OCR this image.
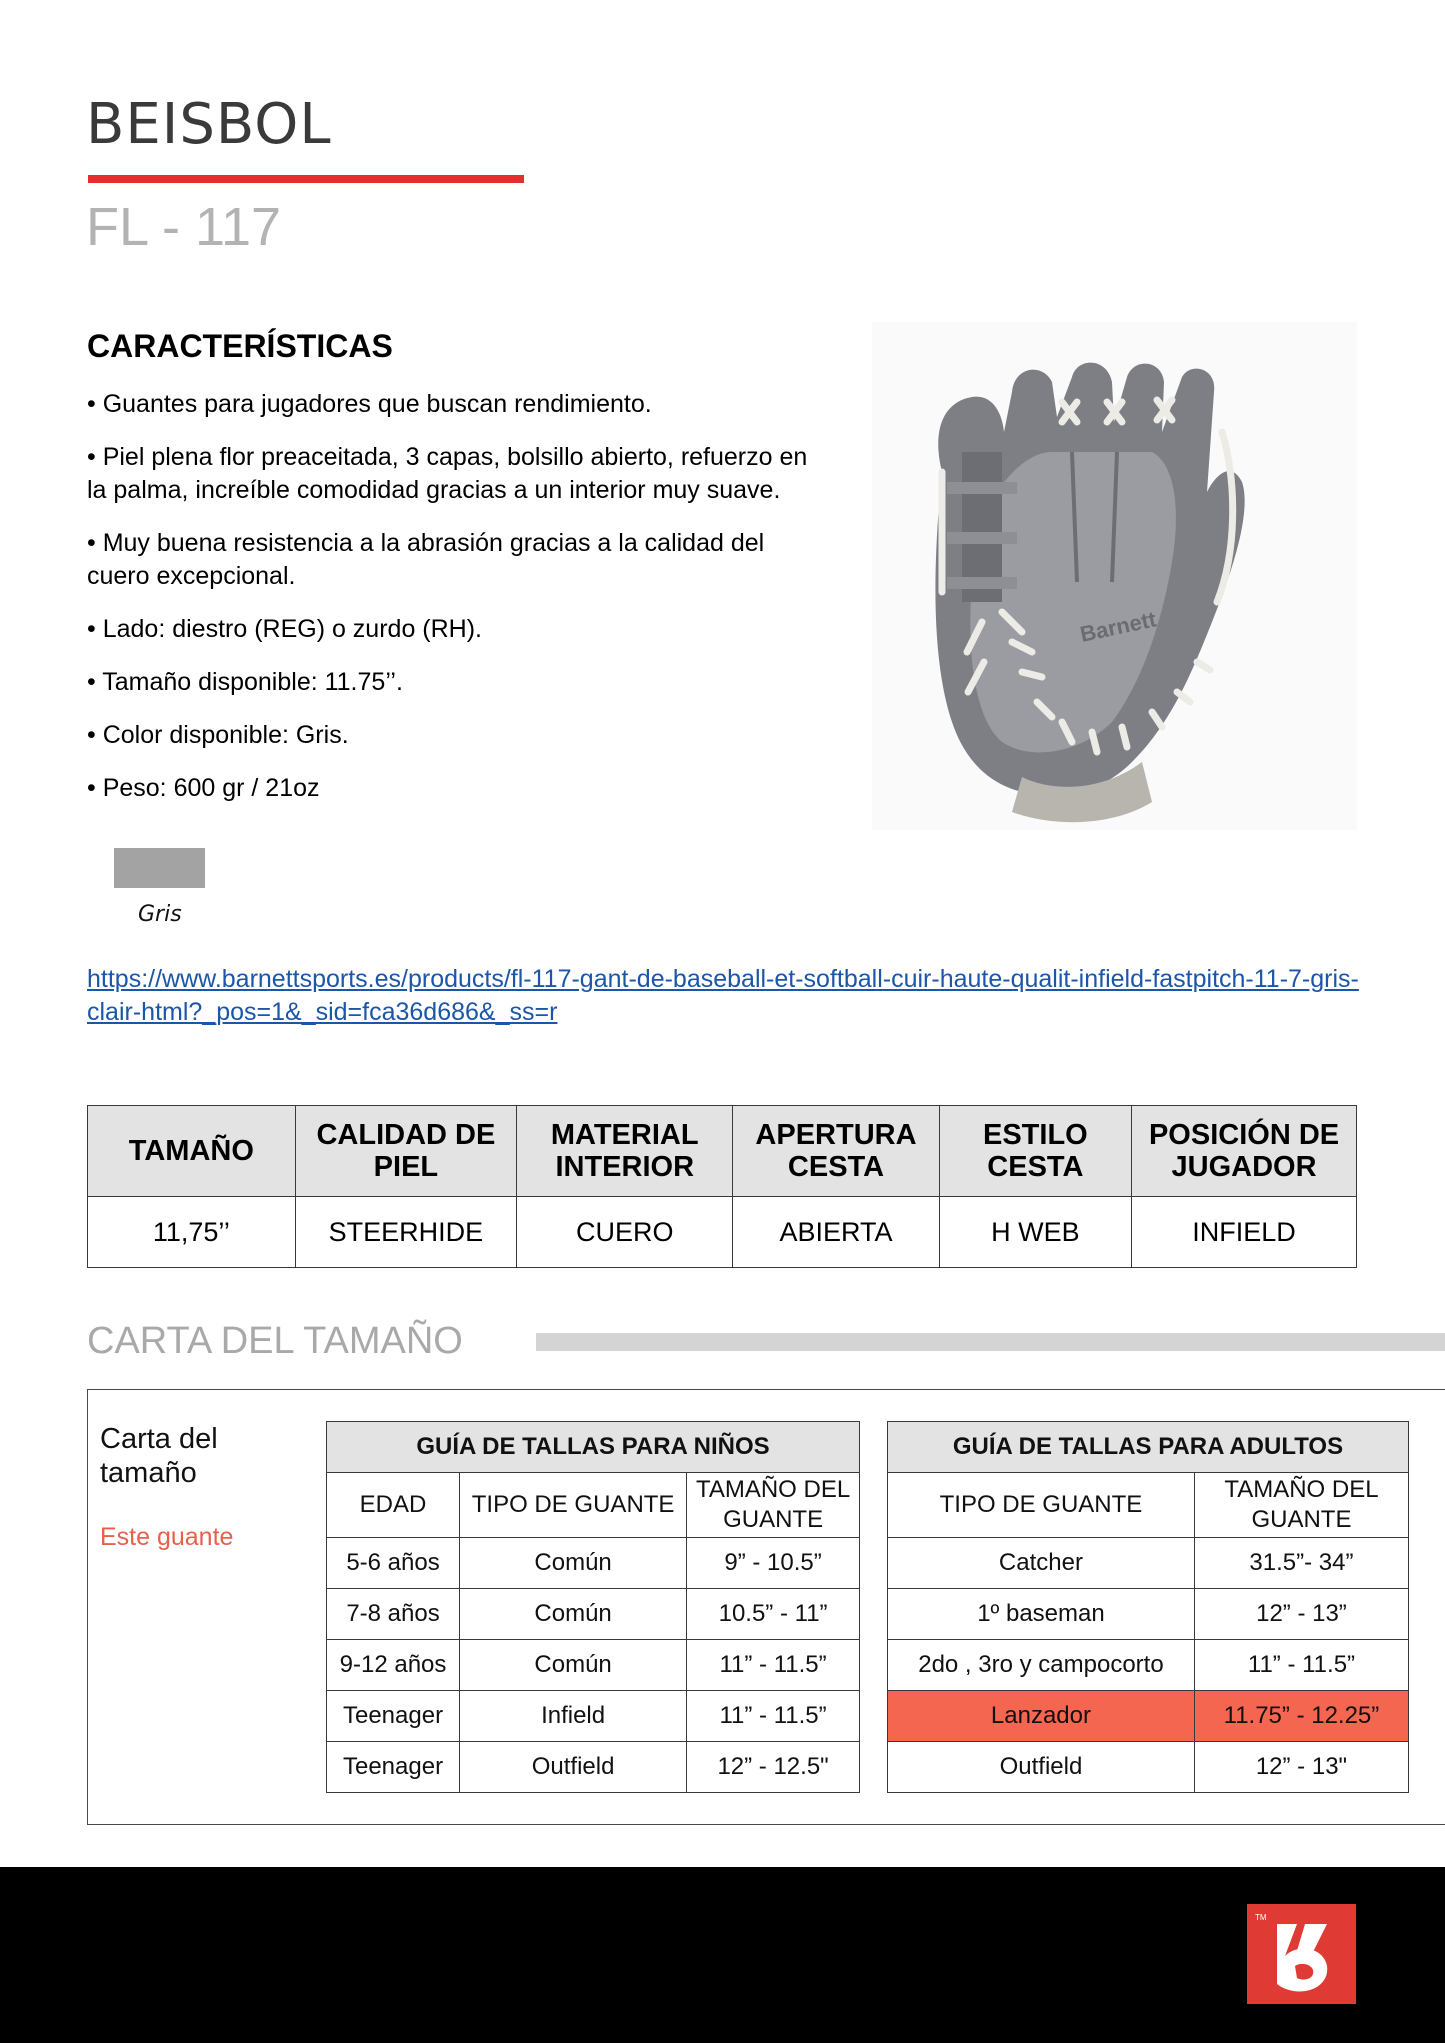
BEISBOL
FL - 117
CARACTERÍSTICAS
• Guantes para jugadores que buscan rendimiento.
• Piel plena flor preaceitada, 3 capas, bolsillo abierto, refuerzo en la palma, increíble comodidad gracias a un interior muy suave.
• Muy buena resistencia a la abrasión gracias a la calidad del cuero excepcional.
• Lado: diestro (REG) o zurdo (RH).
• Tamaño disponible: 11.75’’.
• Color disponible: Gris.
• Peso: 600 gr / 21oz
Barnett
Gris
https://www.barnettsports.es/products/fl-117-gant-de-baseball-et-softball-cuir-haute-qualit-infield-fastpitch-11-7-gris-clair-html?_pos=1&_sid=fca36d686&_ss=r
TAMAÑO	CALIDAD DE PIEL	MATERIAL INTERIOR	APERTURA CESTA	ESTILO CESTA	POSICIÓN DE JUGADOR
11,75’’	STEERHIDE	CUERO	ABIERTA	H WEB	INFIELD
CARTA DEL TAMAÑO
Carta del tamaño
Este guante
GUÍA DE TALLAS PARA NIÑOS		
EDAD	TIPO DE GUANTE	TAMAÑO DEL GUANTE
5-6 años	Común	9” - 10.5”
7-8 años	Común	10.5” - 11”
9-12 años	Común	11” - 11.5”
Teenager	Infield	11” - 11.5”
Teenager	Outfield	12” - 12.5"
GUÍA DE TALLAS PARA ADULTOS	
TIPO DE GUANTE	TAMAÑO DEL GUANTE
Catcher	31.5”- 34”
1º baseman	12” - 13”
2do , 3ro y campocorto	11” - 11.5”
Lanzador	11.75” - 12.25”
Outfield	12” - 13"
TM
